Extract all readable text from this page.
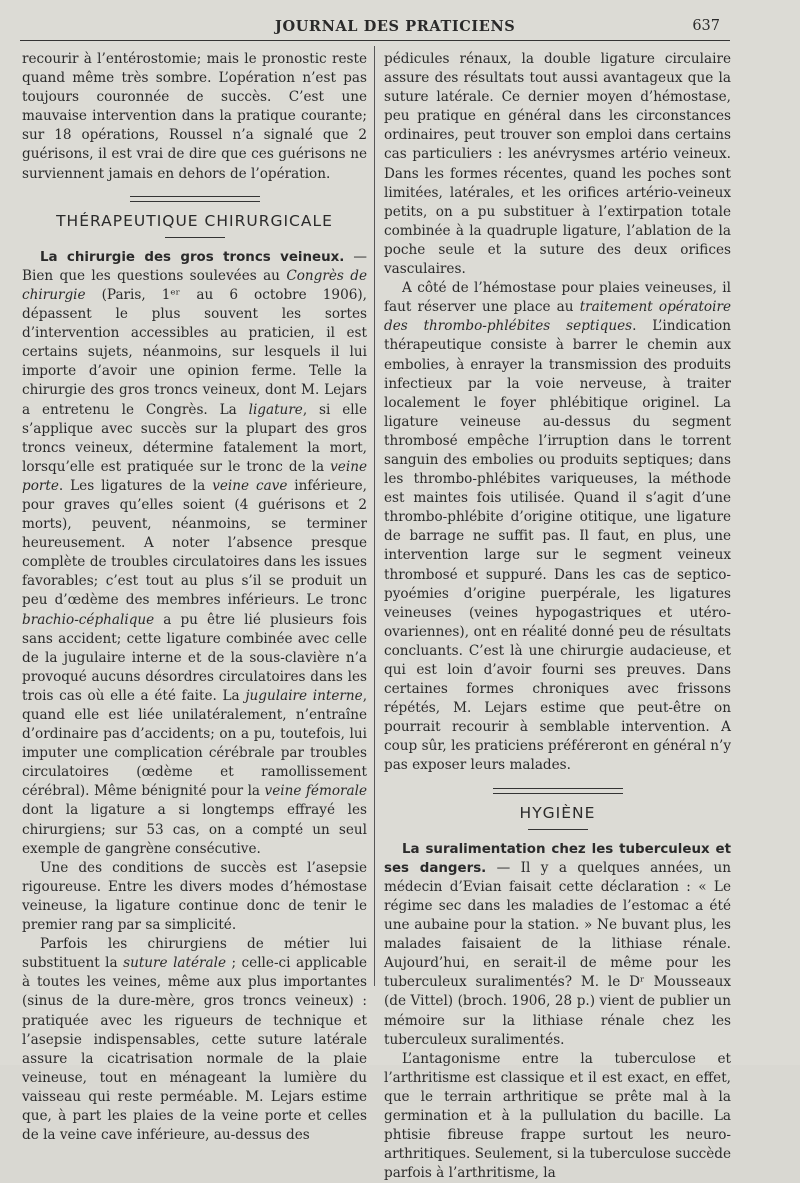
JOURNAL DES PRATICIENS	637

recourir à l’entérostomie; mais le pronostic reste quand même très sombre. L’opération n’est pas toujours couronnée de succès. C’est une mauvaise intervention dans la pratique courante; sur 18 opérations, Roussel n’a signalé que 2 guérisons, il est vrai de dire que ces guérisons ne surviennent jamais en dehors de l’opération.

THÉRAPEUTIQUE CHIRURGICALE

La chirurgie des gros troncs veineux. — Bien que les questions soulevées au Congrès de chirurgie (Paris, 1ᵉʳ au 6 octobre 1906), dépassent le plus souvent les sortes d’intervention accessibles au praticien, il est certains sujets, néanmoins, sur lesquels il lui importe d’avoir une opinion ferme. Telle la chirurgie des gros troncs veineux, dont M. Lejars a entretenu le Congrès. La ligature, si elle s’applique avec succès sur la plupart des gros troncs veineux, détermine fatalement la mort, lorsqu’elle est pratiquée sur le tronc de la veine porte. Les ligatures de la veine cave inférieure, pour graves qu’elles soient (4 guérisons et 2 morts), peuvent, néanmoins, se terminer heureusement. A noter l’absence presque complète de troubles circulatoires dans les issues favorables; c’est tout au plus s’il se produit un peu d’œdème des membres inférieurs. Le tronc brachio-céphalique a pu être lié plusieurs fois sans accident; cette ligature combinée avec celle de la jugulaire interne et de la sous-clavière n’a provoqué aucuns désordres circulatoires dans les trois cas où elle a été faite. La jugulaire interne, quand elle est liée unilatéralement, n’entraîne d’ordinaire pas d’accidents; on a pu, toutefois, lui imputer une complication cérébrale par troubles circulatoires (œdème et ramollissement cérébral). Même bénignité pour la veine fémorale dont la ligature a si longtemps effrayé les chirurgiens; sur 53 cas, on a compté un seul exemple de gangrène consécutive.

Une des conditions de succès est l’asepsie rigoureuse. Entre les divers modes d’hémostase veineuse, la ligature continue donc de tenir le premier rang par sa simplicité.

Parfois les chirurgiens de métier lui substituent la suture latérale ; celle-ci applicable à toutes les veines, même aux plus importantes (sinus de la dure-mère, gros troncs veineux) : pratiquée avec les rigueurs de technique et l’asepsie indispensables, cette suture latérale assure la cicatrisation normale de la plaie veineuse, tout en ménageant la lumière du vaisseau qui reste perméable. M. Lejars estime que, à part les plaies de la veine porte et celles de la veine cave inférieure, au-dessus des

pédicules rénaux, la double ligature circulaire assure des résultats tout aussi avantageux que la suture latérale. Ce dernier moyen d’hémostase, peu pratique en général dans les circonstances ordinaires, peut trouver son emploi dans certains cas particuliers : les anévrysmes artério veineux. Dans les formes récentes, quand les poches sont limitées, latérales, et les orifices artério-veineux petits, on a pu substituer à l’extirpation totale combinée à la quadruple ligature, l’ablation de la poche seule et la suture des deux orifices vasculaires.

A côté de l’hémostase pour plaies veineuses, il faut réserver une place au traitement opératoire des thrombo-phlébites septiques. L’indication thérapeutique consiste à barrer le chemin aux embolies, à enrayer la transmission des produits infectieux par la voie nerveuse, à traiter localement le foyer phlébitique originel. La ligature veineuse au-dessus du segment thrombosé empêche l’irruption dans le torrent sanguin des embolies ou produits septiques; dans les thrombo-phlébites variqueuses, la méthode est maintes fois utilisée. Quand il s’agit d’une thrombo-phlébite d’origine otitique, une ligature de barrage ne suffit pas. Il faut, en plus, une intervention large sur le segment veineux thrombosé et suppuré. Dans les cas de septico-pyoémies d’origine puerpérale, les ligatures veineuses (veines hypogastriques et utéro-ovariennes), ont en réalité donné peu de résultats concluants. C’est là une chirurgie audacieuse, et qui est loin d’avoir fourni ses preuves. Dans certaines formes chroniques avec frissons répétés, M. Lejars estime que peut-être on pourrait recourir à semblable intervention. A coup sûr, les praticiens préféreront en général n’y pas exposer leurs malades.

HYGIÈNE

La suralimentation chez les tuberculeux et ses dangers. — Il y a quelques années, un médecin d’Evian faisait cette déclaration : « Le régime sec dans les maladies de l’estomac a été une aubaine pour la station. » Ne buvant plus, les malades faisaient de la lithiase rénale. Aujourd’hui, en serait-il de même pour les tuberculeux suralimentés? M. le Dʳ Mousseaux (de Vittel) (broch. 1906, 28 p.) vient de publier un mémoire sur la lithiase rénale chez les tuberculeux suralimentés.

L’antagonisme entre la tuberculose et l’arthritisme est classique et il est exact, en effet, que le terrain arthritique se prête mal à la germination et à la pullulation du bacille. La phtisie fibreuse frappe surtout les neuro-arthritiques. Seulement, si la tuberculose succède parfois à l’arthritisme, la
